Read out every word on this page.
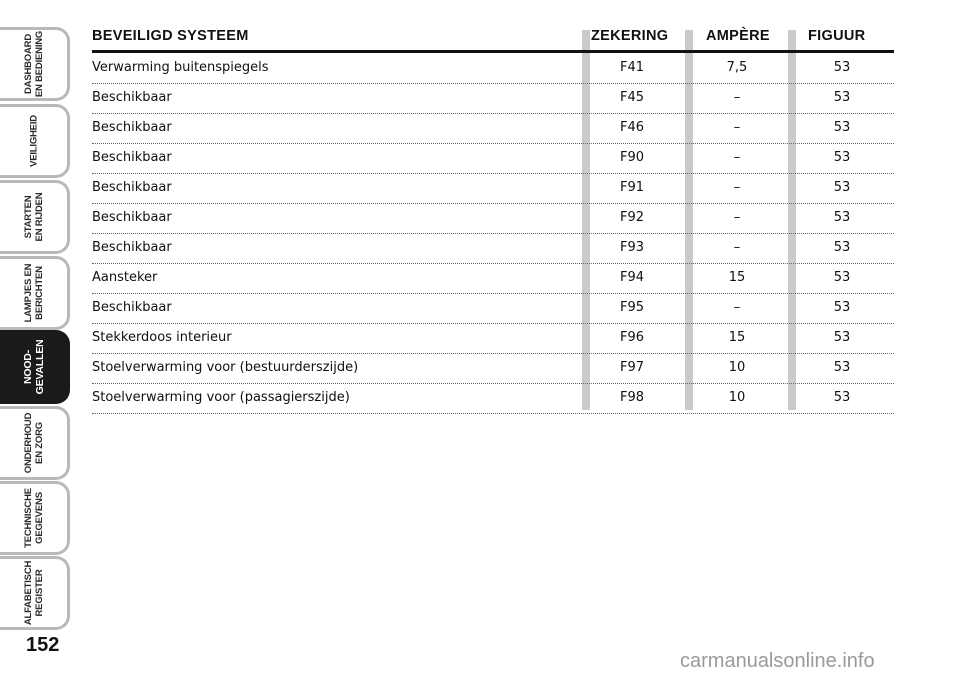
DASHBOARD
EN BEDIENING
VEILIGHEID
STARTEN
EN RIJDEN
LAMPJES EN
BERICHTEN
NOOD-
GEVALLEN
ONDERHOUD
EN ZORG
TECHNISCHE
GEGEVENS
ALFABETISCH
REGISTER
152
BEVEILIGD SYSTEEM	ZEKERING	AMPÈRE	FIGUUR
Verwarming buitenspiegels	F41	7,5	53
Beschikbaar	F45	–	53
Beschikbaar	F46	–	53
Beschikbaar	F90	–	53
Beschikbaar	F91	–	53
Beschikbaar	F92	–	53
Beschikbaar	F93	–	53
Aansteker	F94	15	53
Beschikbaar	F95	–	53
Stekkerdoos interieur	F96	15	53
Stoelverwarming voor (bestuurderszijde)	F97	10	53
Stoelverwarming voor (passagierszijde)	F98	10	53
carmanualsonline.info
